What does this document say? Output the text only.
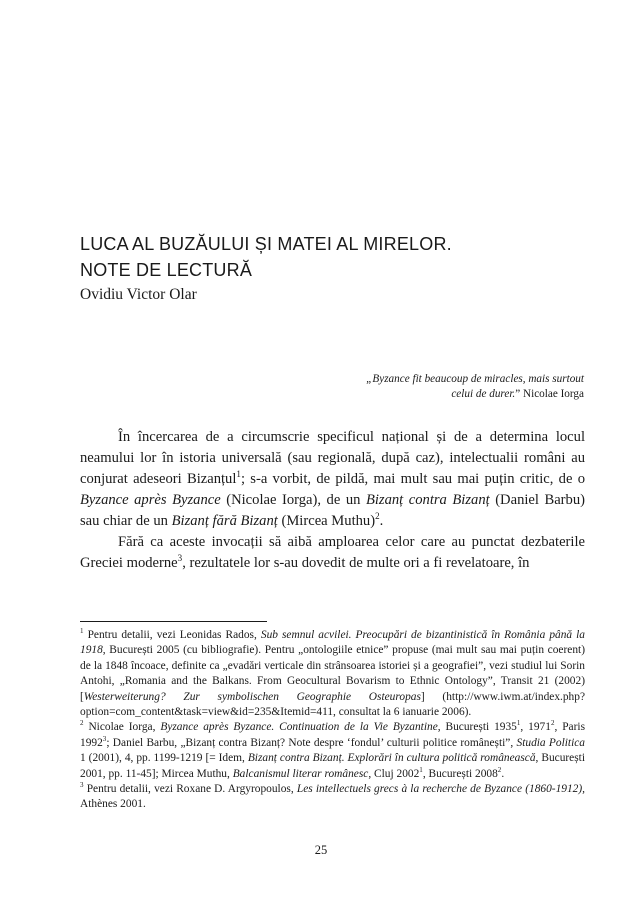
LUCA AL BUZĂULUI ȘI MATEI AL MIRELOR.
NOTE DE LECTURĂ
Ovidiu Victor Olar
„Byzance fit beaucoup de miracles, mais surtout
celui de durer.” Nicolae Iorga

În încercarea de a circumscrie specificul național și de a determina locul neamului lor în istoria universală (sau regională, după caz), intelectualii români au conjurat adeseori Bizanțul$^1$; s-a vorbit, de pildă, mai mult sau mai puțin critic, de o Byzance après Byzance (Nicolae Iorga), de un Bizanț contra Bizanț (Daniel Barbu) sau chiar de un Bizanț fără Bizanț (Mircea Muthu)$^2$.

Fără ca aceste invocații să aibă amploarea celor care au punctat dezbaterile Greciei moderne$^3$, rezultatele lor s-au dovedit de multe ori a fi revelatoare, în

$^1$ Pentru detalii, vezi Leonidas Rados, Sub semnul acvilei. Preocupări de bizantinistică în România până la 1918, București 2005 (cu bibliografie). Pentru „ontologiile etnice” propuse (mai mult sau mai puțin coerent) de la 1848 încoace, definite ca „evadări verticale din strânsoarea istoriei și a geografiei”, vezi studiul lui Sorin Antohi, „Romania and the Balkans. From Geocultural Bovarism to Ethnic Ontology”, Transit 21 (2002) [Westerweiterung? Zur symbolischen Geographie Osteuropas] (http://www.iwm.at/index.php?option=com_content&task=view&id=235&Itemid=411, consultat la 6 ianuarie 2006).

$^2$ Nicolae Iorga, Byzance après Byzance. Continuation de la Vie Byzantine, București 1935$^1$, 1971$^2$, Paris 1992$^3$; Daniel Barbu, „Bizanț contra Bizanț? Note despre ‘fondul’ culturii politice românești”, Studia Politica 1 (2001), 4, pp. 1199-1219 [= Idem, Bizanț contra Bizanț. Explorări în cultura politică românească, București 2001, pp. 11-45]; Mircea Muthu, Balcanismul literar românesc, Cluj 2002$^1$, București 2008$^2$.

$^3$ Pentru detalii, vezi Roxane D. Argyropoulos, Les intellectuels grecs à la recherche de Byzance (1860-1912), Athènes 2001.

25
